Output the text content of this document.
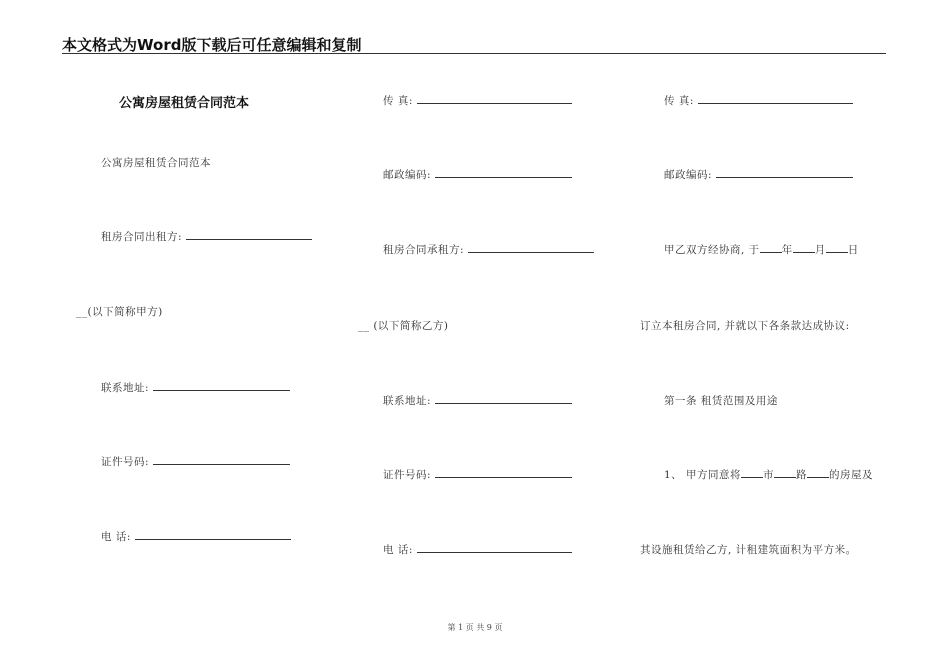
本文格式为Word版下载后可任意编辑和复制
公寓房屋租赁合同范本
公寓房屋租赁合同范本
租房合同出租方:
__(以下简称甲方)
联系地址:
证件号码:
电 话:
传 真:
邮政编码:
租房合同承租方:
__ (以下简称乙方)
联系地址:
证件号码:
电 话:
传 真:
邮政编码:
甲乙双方经协商, 于 年 月 日
订立本租房合同, 并就以下各条款达成协议:
第一条 租赁范围及用途
1、 甲方同意将 市 路 的房屋及
其设施租赁给乙方, 计租建筑面积为平方米。
第 1 页 共 9 页
